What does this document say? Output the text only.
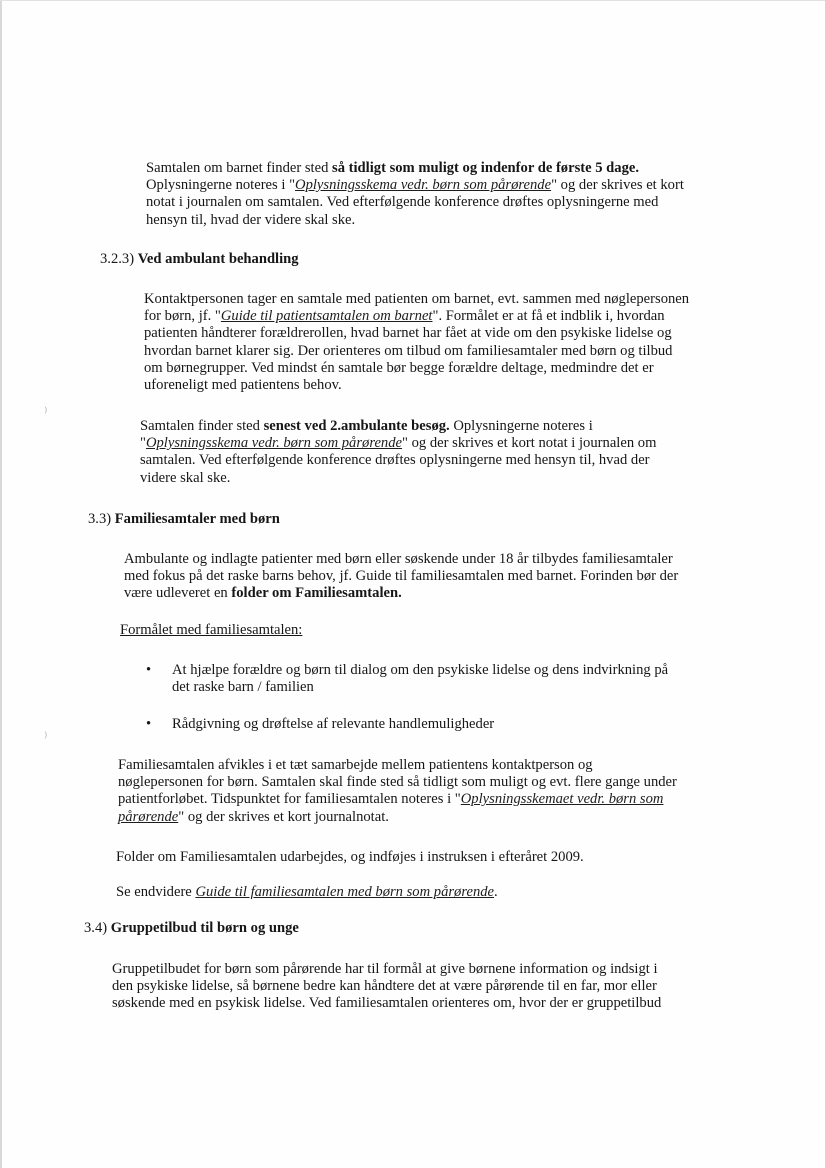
⁾
⁾

Samtalen om barnet finder sted så tidligt som muligt og indenfor de første 5 dage.
Oplysningerne noteres i "Oplysningsskema vedr. børn som pårørende" og der skrives et kort
notat i journalen om samtalen. Ved efterfølgende konference drøftes oplysningerne med
hensyn til, hvad der videre skal ske.

3.2.3) Ved ambulant behandling

Kontaktpersonen tager en samtale med patienten om barnet, evt. sammen med nøglepersonen
for børn, jf. "Guide til patientsamtalen om barnet". Formålet er at få et indblik i, hvordan
patienten håndterer forældrerollen, hvad barnet har fået at vide om den psykiske lidelse og
hvordan barnet klarer sig. Der orienteres om tilbud om familiesamtaler med børn og tilbud
om børnegrupper. Ved mindst én samtale bør begge forældre deltage, medmindre det er
uforeneligt med patientens behov.

Samtalen finder sted senest ved 2.ambulante besøg. Oplysningerne noteres i
"Oplysningsskema vedr. børn som pårørende" og der skrives et kort notat i journalen om
samtalen. Ved efterfølgende konference drøftes oplysningerne med hensyn til, hvad der
videre skal ske.

3.3) Familiesamtaler med børn

Ambulante og indlagte patienter med børn eller søskende under 18 år tilbydes familiesamtaler
med fokus på det raske barns behov, jf. Guide til familiesamtalen med barnet. Forinden bør der
være udleveret en folder om Familiesamtalen.

Formålet med familiesamtalen:

• At hjælpe forældre og børn til dialog om den psykiske lidelse og dens indvirkning på
det raske barn / familien
• Rådgivning og drøftelse af relevante handlemuligheder

Familiesamtalen afvikles i et tæt samarbejde mellem patientens kontaktperson og
nøglepersonen for børn. Samtalen skal finde sted så tidligt som muligt og evt. flere gange under
patientforløbet. Tidspunktet for familiesamtalen noteres i "Oplysningsskemaet vedr. børn som
pårørende" og der skrives et kort journalnotat.

Folder om Familiesamtalen udarbejdes, og indføjes i instruksen i efteråret 2009.

Se endvidere Guide til familiesamtalen med børn som pårørende.

3.4) Gruppetilbud til børn og unge

Gruppetilbudet for børn som pårørende har til formål at give børnene information og indsigt i
den psykiske lidelse, så børnene bedre kan håndtere det at være pårørende til en far, mor eller
søskende med en psykisk lidelse. Ved familiesamtalen orienteres om, hvor der er gruppetilbud
